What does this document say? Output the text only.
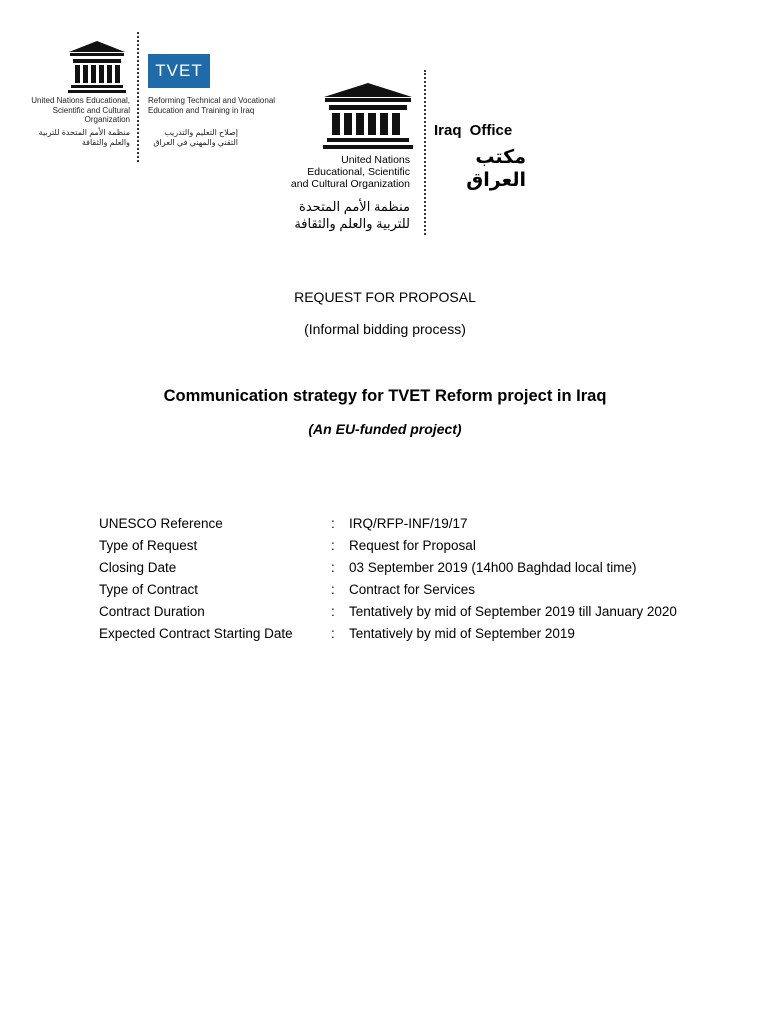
TVET
United Nations Educational, Scientific and Cultural Organization
منظمة الأمم المتحدة للتربية والعلم والثقافة
Reforming Technical and Vocational Education and Training in Iraq
إصلاح التعليم والتدريب التقني والمهني في العراق
United Nations Educational, Scientific and Cultural Organization
منظمة الأمم المتحدة للتربية والعلم والثقافة
Iraq Office
مكتب العراق
REQUEST FOR PROPOSAL
(Informal bidding process)
Communication strategy for TVET Reform project in Iraq
(An EU-funded project)
UNESCO Reference	: IRQ/RFP-INF/19/17
Type of Request	: Request for Proposal
Closing Date	: 03 September 2019 (14h00 Baghdad local time)
Type of Contract	: Contract for Services
Contract Duration	: Tentatively by mid of September 2019 till January 2020
Expected Contract Starting Date	: Tentatively by mid of September 2019
